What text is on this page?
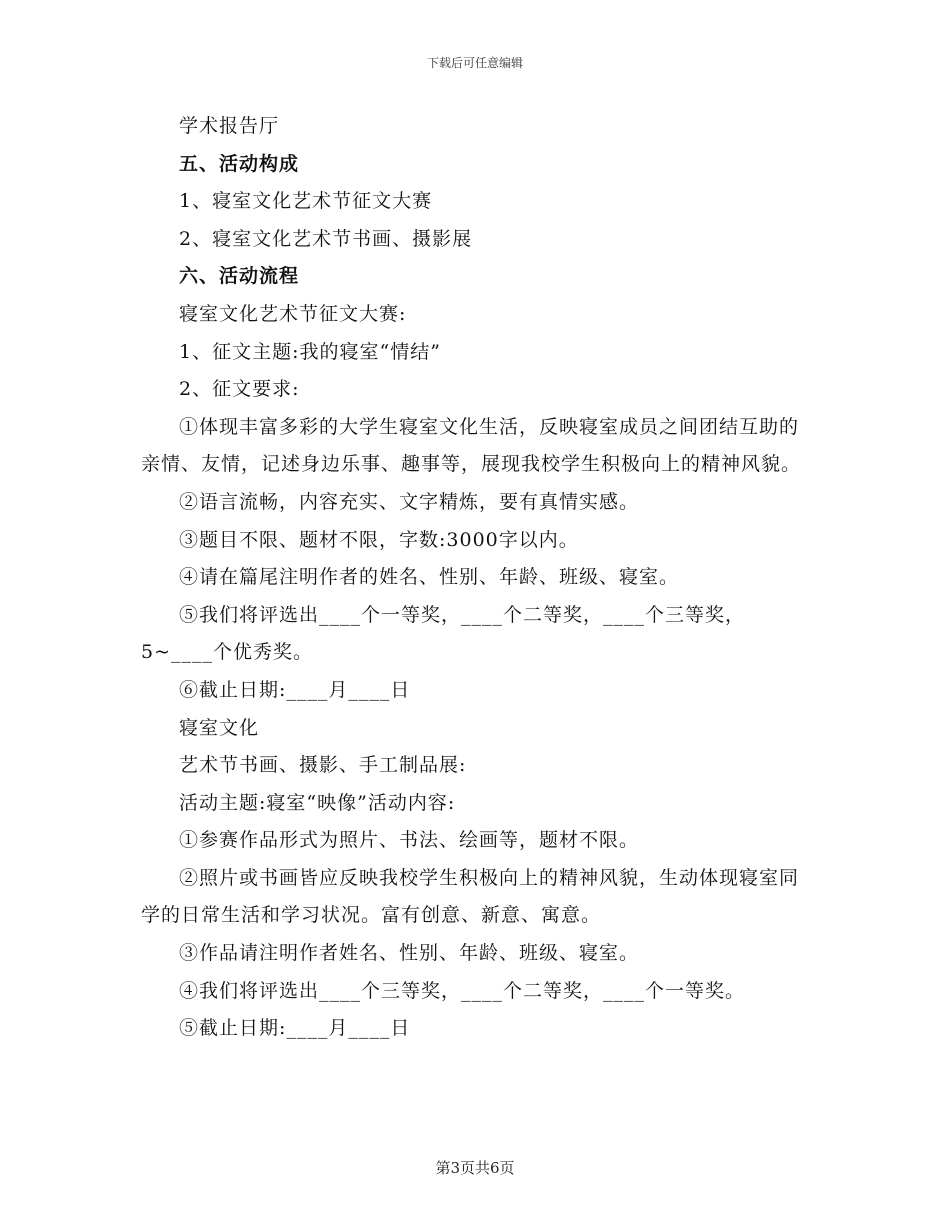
下载后可任意编辑

学术报告厅

五、活动构成

1、寝室文化艺术节征文大赛

2、寝室文化艺术节书画、摄影展

六、活动流程

寝室文化艺术节征文大赛:

1、征文主题:我的寝室“情结”

2、征文要求:

①体现丰富多彩的大学生寝室文化生活，反映寝室成员之间团结互助的亲情、友情，记述身边乐事、趣事等，展现我校学生积极向上的精神风貌。

②语言流畅，内容充实、文字精炼，要有真情实感。

③题目不限、题材不限，字数:3000字以内。

④请在篇尾注明作者的姓名、性别、年龄、班级、寝室。

⑤我们将评选出____个一等奖，____个二等奖，____个三等奖，5~____个优秀奖。

⑥截止日期:____月____日

寝室文化

艺术节书画、摄影、手工制品展:

活动主题:寝室“映像”活动内容:

①参赛作品形式为照片、书法、绘画等，题材不限。

②照片或书画皆应反映我校学生积极向上的精神风貌，生动体现寝室同学的日常生活和学习状况。富有创意、新意、寓意。

③作品请注明作者姓名、性别、年龄、班级、寝室。

④我们将评选出____个三等奖，____个二等奖，____个一等奖。

⑤截止日期:____月____日

第3页共6页
